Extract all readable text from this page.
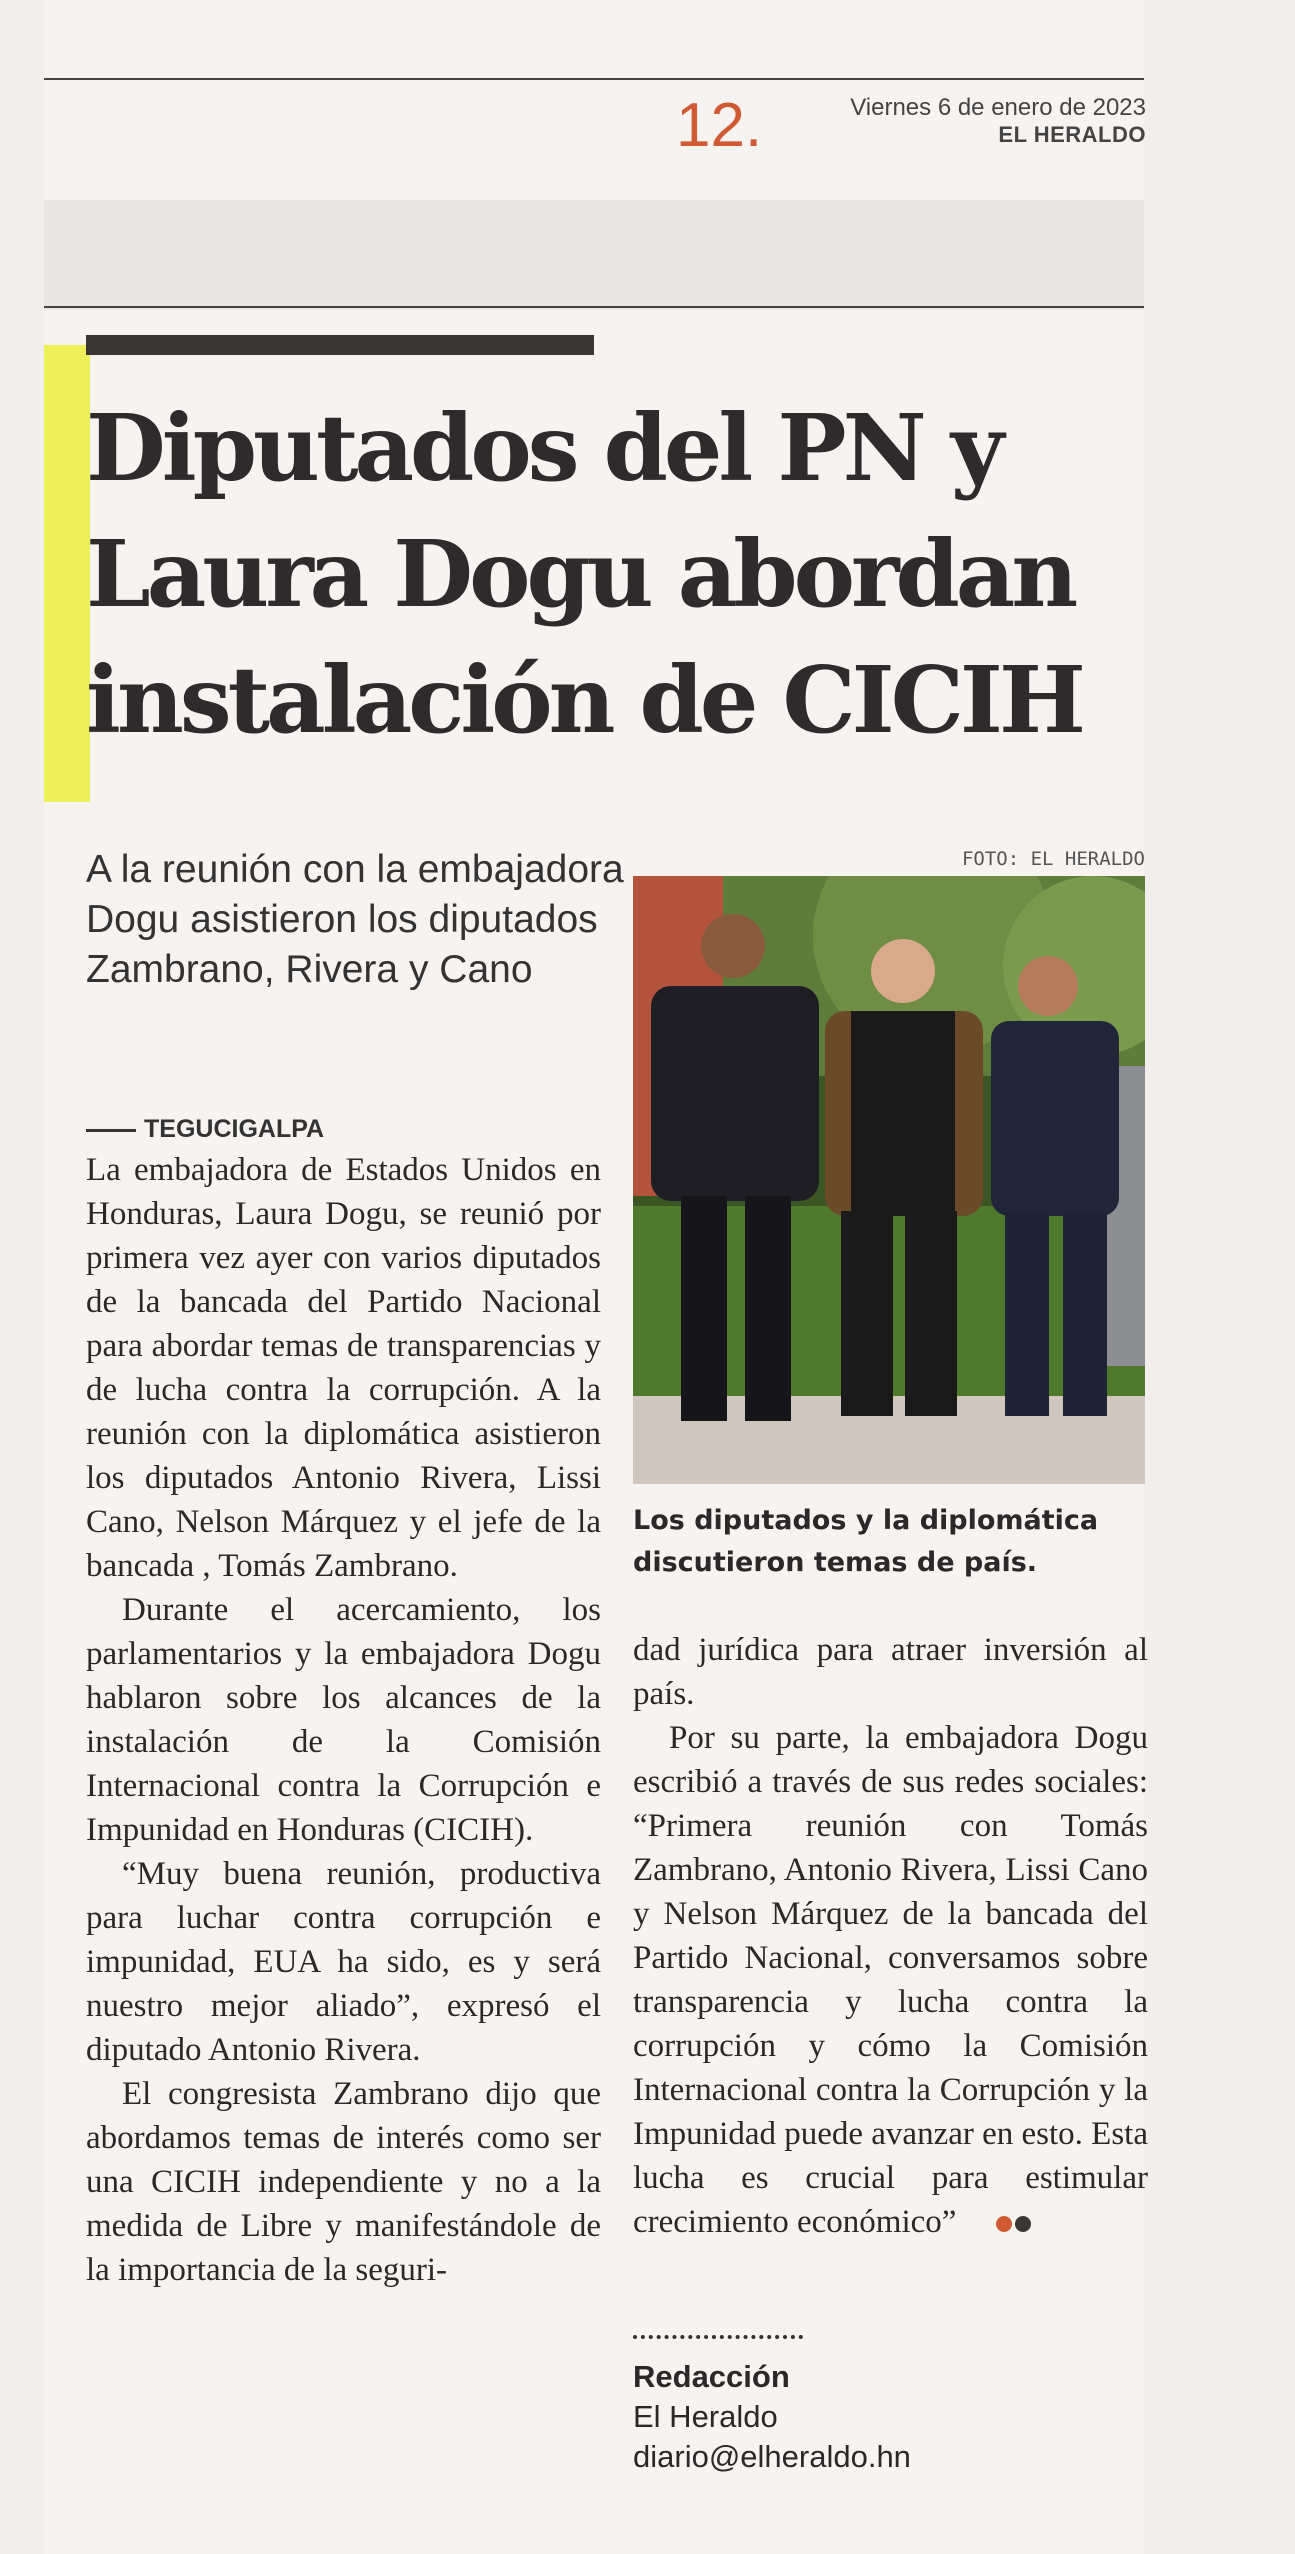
12.	Viernes 6 de enero de 2023
EL HERALDO
Diputados del PN y Laura Dogu abordan instalación de CICIH

A la reunión con la embajadora Dogu asistieron los diputados Zambrano, Rivera y Cano

FOTO: EL HERALDO

Los diputados y la diplomática discutieron temas de país.

TEGUCIGALPA

La embajadora de Estados Unidos en Honduras, Laura Dogu, se reunió por primera vez ayer con varios diputados de la bancada del Partido Nacional para abordar temas de transparencias y de lucha contra la corrupción. A la reunión con la diplomática asistieron los diputados Antonio Rivera, Lissi Cano, Nelson Márquez y el jefe de la bancada , Tomás Zambrano.

Durante el acercamiento, los parlamentarios y la embajadora Dogu hablaron sobre los alcances de la instalación de la Comisión Internacional contra la Corrupción e Impunidad en Honduras (CICIH).

“Muy buena reunión, productiva para luchar contra corrupción e impunidad, EUA ha sido, es y será nuestro mejor aliado”, expresó el diputado Antonio Rivera.

El congresista Zambrano dijo que abordamos temas de interés como ser una CICIH independiente y no a la medida de Libre y manifestándole de la importancia de la seguri-

dad jurídica para atraer inversión al país.

Por su parte, la embajadora Dogu escribió a través de sus redes sociales: “Primera reunión con Tomás Zambrano, Antonio Rivera, Lissi Cano y Nelson Márquez de la bancada del Partido Nacional, conversamos sobre transparencia y lucha contra la corrupción y cómo la Comisión Internacional contra la Corrupción y la Impunidad puede avanzar en esto. Esta lucha es crucial para estimular crecimiento económico”

Redacción
El Heraldo
diario@elheraldo.hn
